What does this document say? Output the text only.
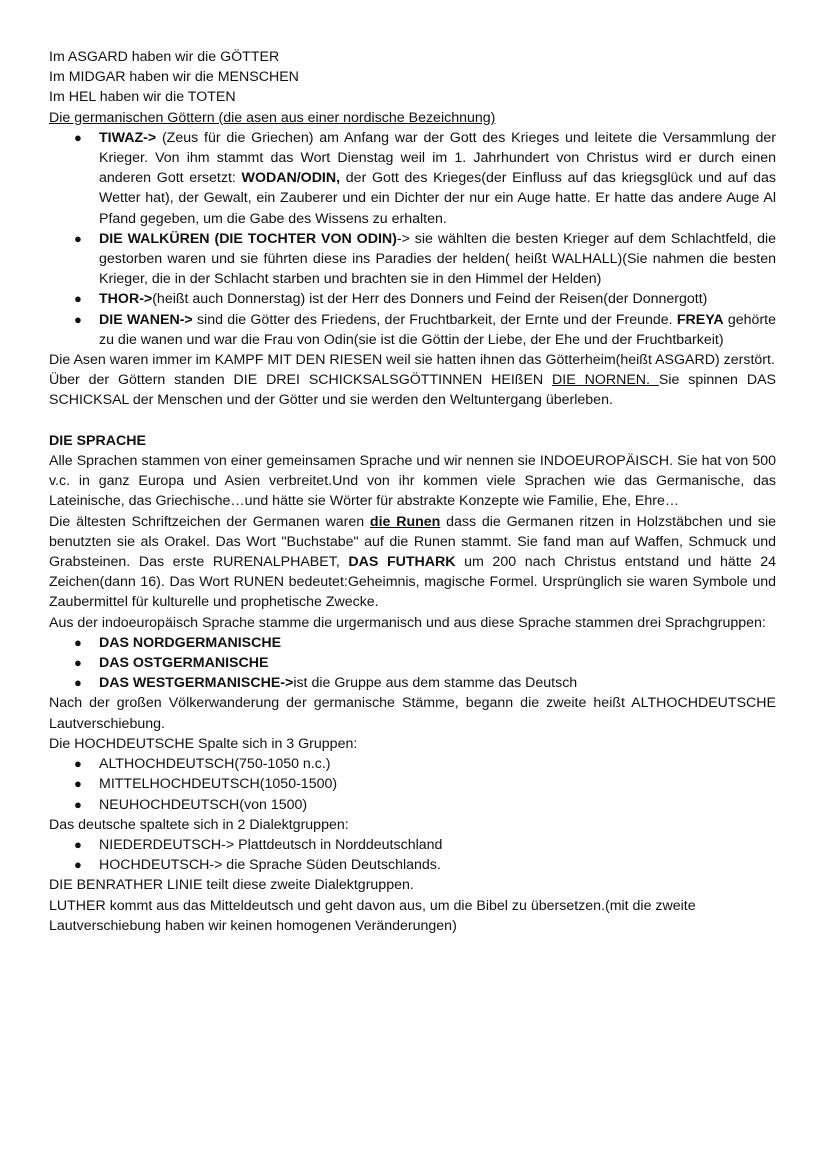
Im ASGARD haben wir die GÖTTER

Im MIDGAR haben wir die MENSCHEN

Im HEL haben wir die TOTEN

Die germanischen Göttern (die asen aus einer nordische Bezeichnung)

● TIWAZ-> (Zeus für die Griechen) am Anfang war der Gott des Krieges und leitete die Versammlung der Krieger. Von ihm stammt das Wort Dienstag weil im 1. Jahrhundert von Christus wird er durch einen anderen Gott ersetzt: WODAN/ODIN, der Gott des Krieges(der Einfluss auf das kriegsglück und auf das Wetter hat), der Gewalt, ein Zauberer und ein Dichter der nur ein Auge hatte. Er hatte das andere Auge Al Pfand gegeben, um die Gabe des Wissens zu erhalten.
● DIE WALKÜREN (DIE TOCHTER VON ODIN)-> sie wählten die besten Krieger auf dem Schlachtfeld, die gestorben waren und sie führten diese ins Paradies der helden( heißt WALHALL)(Sie nahmen die besten Krieger, die in der Schlacht starben und brachten sie in den Himmel der Helden)
● THOR->(heißt auch Donnerstag) ist der Herr des Donners und Feind der Reisen(der Donnergott)
● DIE WANEN-> sind die Götter des Friedens, der Fruchtbarkeit, der Ernte und der Freunde. FREYA gehörte zu die wanen und war die Frau von Odin(sie ist die Göttin der Liebe, der Ehe und der Fruchtbarkeit)

Die Asen waren immer im KAMPF MIT DEN RIESEN weil sie hatten ihnen das Götterheim(heißt ASGARD) zerstört.

Über der Göttern standen DIE DREI SCHICKSALSGÖTTINNEN HEIßEN DIE NORNEN. Sie spinnen DAS SCHICKSAL der Menschen und der Götter und sie werden den Weltuntergang überleben.

DIE SPRACHE

Alle Sprachen stammen von einer gemeinsamen Sprache und wir nennen sie INDOEUROPÄISCH. Sie hat von 500 v.c. in ganz Europa und Asien verbreitet.Und von ihr kommen viele Sprachen wie das Germanische, das Lateinische, das Griechische…und hätte sie Wörter für abstrakte Konzepte wie Familie, Ehe, Ehre…

Die ältesten Schriftzeichen der Germanen waren die Runen dass die Germanen ritzen in Holzstäbchen und sie benutzten sie als Orakel. Das Wort "Buchstabe" auf die Runen stammt. Sie fand man auf Waffen, Schmuck und Grabsteinen. Das erste RURENALPHABET, DAS FUTHARK um 200 nach Christus entstand und hätte 24 Zeichen(dann 16). Das Wort RUNEN bedeutet:Geheimnis, magische Formel. Ursprünglich sie waren Symbole und Zaubermittel für kulturelle und prophetische Zwecke.

Aus der indoeuropäisch Sprache stamme die urgermanisch und aus diese Sprache stammen drei Sprachgruppen:

● DAS NORDGERMANISCHE
● DAS OSTGERMANISCHE
● DAS WESTGERMANISCHE->ist die Gruppe aus dem stamme das Deutsch

Nach der großen Völkerwanderung der germanische Stämme, begann die zweite heißt ALTHOCHDEUTSCHE Lautverschiebung.

Die HOCHDEUTSCHE Spalte sich in 3 Gruppen:

● ALTHOCHDEUTSCH(750-1050 n.c.)
● MITTELHOCHDEUTSCH(1050-1500)
● NEUHOCHDEUTSCH(von 1500)

Das deutsche spaltete sich in 2 Dialektgruppen:

● NIEDERDEUTSCH-> Plattdeutsch in Norddeutschland
● HOCHDEUTSCH-> die Sprache Süden Deutschlands.

DIE BENRATHER LINIE teilt diese zweite Dialektgruppen.

LUTHER kommt aus das Mitteldeutsch und geht davon aus, um die Bibel zu übersetzen.(mit die zweite Lautverschiebung haben wir keinen homogenen Veränderungen)
